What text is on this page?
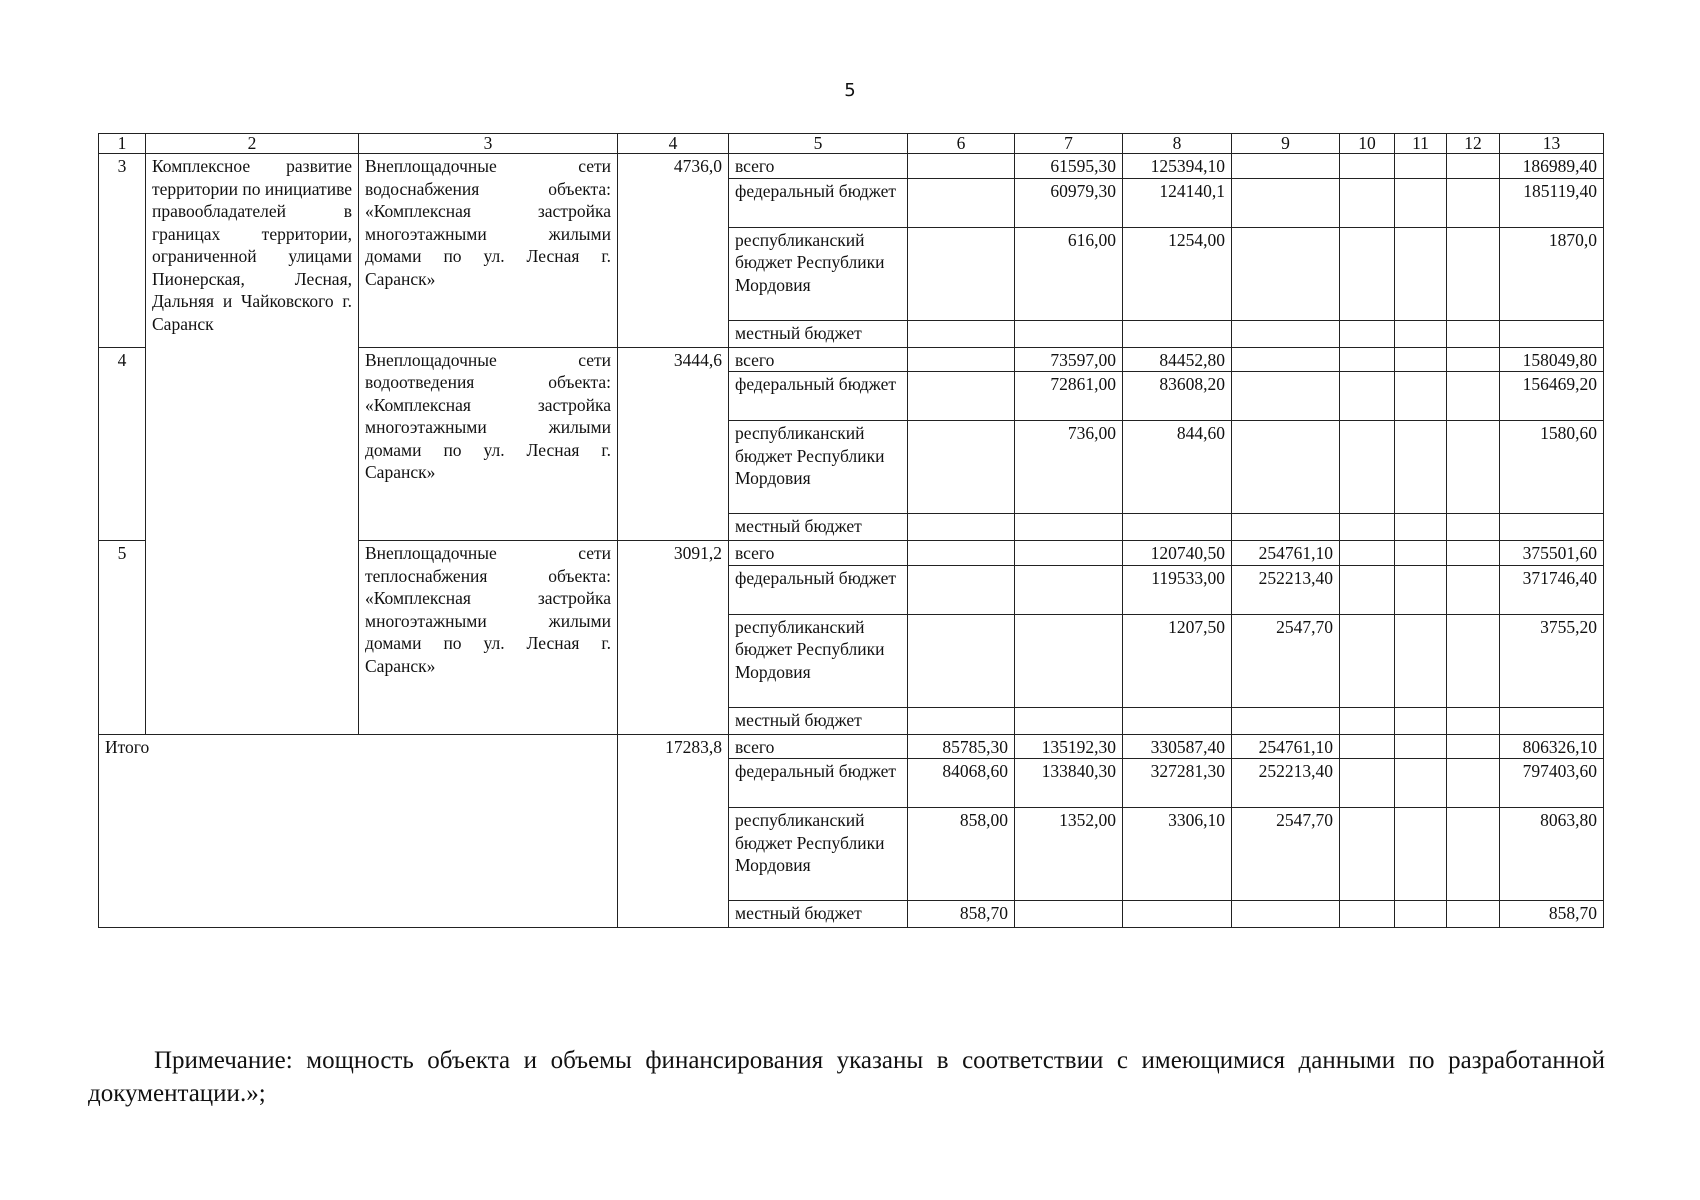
5
1	2	3	4	5	6	7	8	9	10	11	12	13
3	Комплексное развитие территории по инициативе правообладателей в границах территории, ограниченной улицами Пионерская, Лесная, Дальняя и Чайковского г. Саранск	Внеплощадочные сети водоснабжения объекта: «Комплексная застройка многоэтажными жилыми домами по ул. Лесная г. Саранск»	4736,0	всего		61595,30	125394,10					186989,40
				федеральный бюджет		60979,30	124140,1					185119,40
				республиканский бюджет Республики Мордовия		616,00	1254,00					1870,0
				местный бюджет								
4		Внеплощадочные сети водоотведения объекта: «Комплексная застройка многоэтажными жилыми домами по ул. Лесная г. Саранск»	3444,6	всего		73597,00	84452,80					158049,80
				федеральный бюджет		72861,00	83608,20					156469,20
				республиканский бюджет Республики Мордовия		736,00	844,60					1580,60
				местный бюджет								
5		Внеплощадочные сети теплоснабжения объекта: «Комплексная застройка многоэтажными жилыми домами по ул. Лесная г. Саранск»	3091,2	всего			120740,50	254761,10				375501,60
				федеральный бюджет			119533,00	252213,40				371746,40
				республиканский бюджет Республики Мордовия			1207,50	2547,70				3755,20
				местный бюджет								
Итого			17283,8	всего	85785,30	135192,30	330587,40	254761,10				806326,10
				федеральный бюджет	84068,60	133840,30	327281,30	252213,40				797403,60
				республиканский бюджет Республики Мордовия	858,00	1352,00	3306,10	2547,70				8063,80
				местный бюджет	858,70							858,70
Примечание: мощность объекта и объемы финансирования указаны в соответствии с имеющимися данными по разработанной документации.»;
